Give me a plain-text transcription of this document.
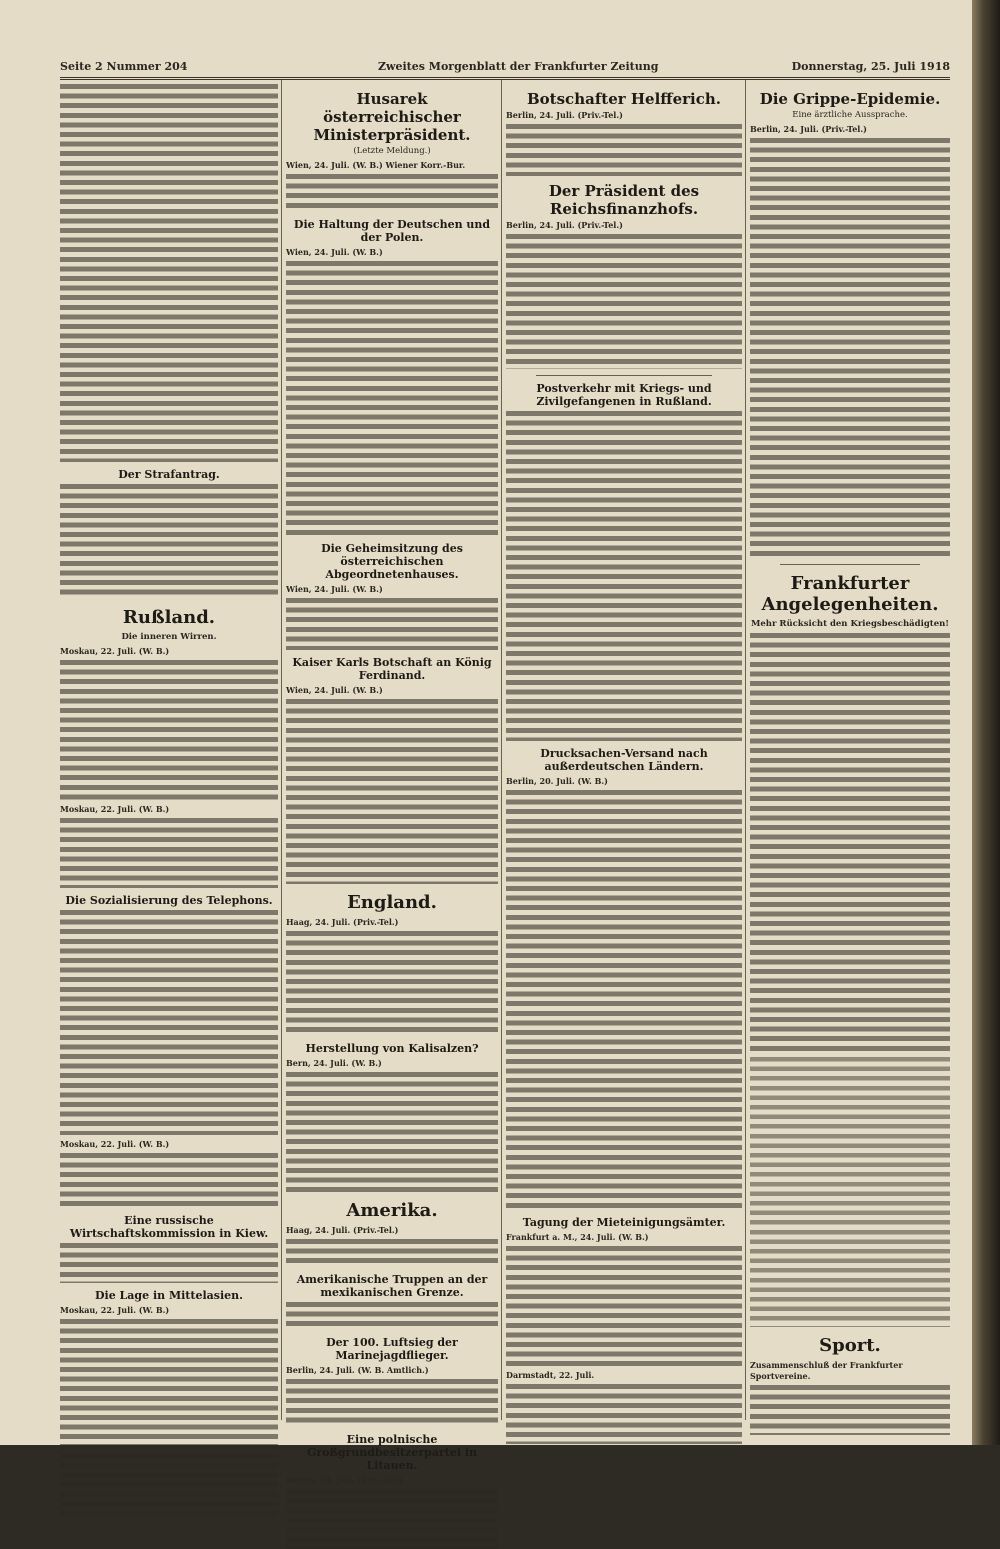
Seite 2 Nummer 204	Zweites Morgenblatt der Frankfurter Zeitung	Donnerstag, 25. Juli 1918
Der Strafantrag.
Rußland.
Die inneren Wirren.
Moskau, 22. Juli. (W. B.)
Moskau, 22. Juli. (W. B.)
Die Sozialisierung des Telephons.
Moskau, 22. Juli. (W. B.)
Eine russische Wirtschaftskommission in Kiew.
Die Lage in Mittelasien.
Moskau, 22. Juli. (W. B.)
Husarek österreichischer Ministerpräsident.
(Letzte Meldung.)
Wien, 24. Juli. (W. B.) Wiener Korr.-Bur.
Die Haltung der Deutschen und der Polen.
Wien, 24. Juli. (W. B.)
Die Geheimsitzung des österreichischen Abgeordnetenhauses.
Wien, 24. Juli. (W. B.)
Kaiser Karls Botschaft an König Ferdinand.
Wien, 24. Juli. (W. B.)
England.
Haag, 24. Juli. (Priv.-Tel.)
Herstellung von Kalisalzen?
Bern, 24. Juli. (W. B.)
Amerika.
Haag, 24. Juli. (Priv.-Tel.)
Amerikanische Truppen an der mexikanischen Grenze.
Der 100. Luftsieg der Marinejagdflieger.
Berlin, 24. Juli. (W. B. Amtlich.)
Eine polnische Großgrundbesitzerpartei in Litauen.
Berlin, 24. Juli. (Priv.-Tel.)
Botschafter Helfferich.
Berlin, 24. Juli. (Priv.-Tel.)
Der Präsident des Reichsfinanzhofs.
Berlin, 24. Juli. (Priv.-Tel.)
Postverkehr mit Kriegs- und Zivilgefangenen in Rußland.
Drucksachen-Versand nach außerdeutschen Ländern.
Berlin, 20. Juli. (W. B.)
Tagung der Mieteinigungsämter.
Frankfurt a. M., 24. Juli. (W. B.)
Darmstadt, 22. Juli.
Die Grippe-Epidemie.
Eine ärztliche Aussprache.
Berlin, 24. Juli. (Priv.-Tel.)
Frankfurter Angelegenheiten.
Mehr Rücksicht den Kriegsbeschädigten!
Sport.
Zusammenschluß der Frankfurter Sportvereine.
